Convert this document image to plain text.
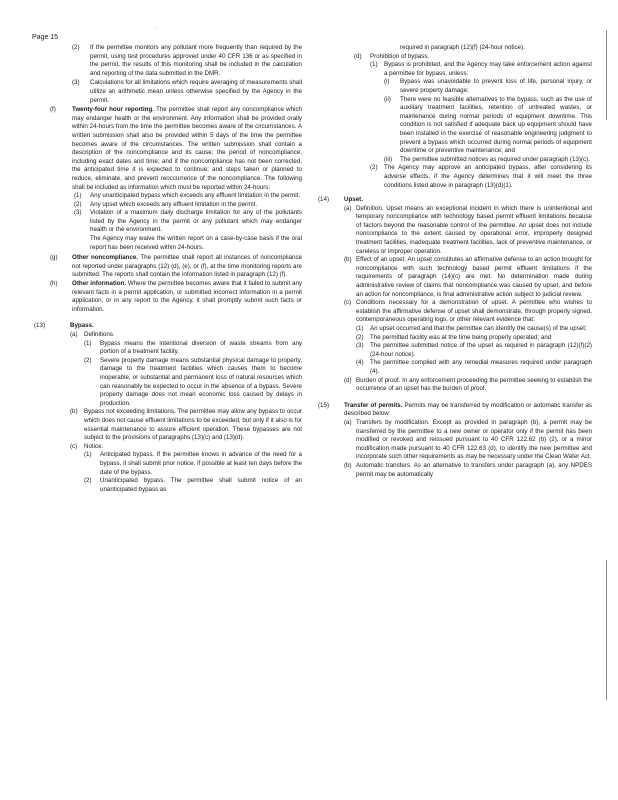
Page 15
-
(2) If the permittee monitors any pollutant more frequently than required by the permit, using test procedures approved under 40 CFR 136 or as specified in the permit, the results of this monitoring shall be included in the calculation and reporting of the data submitted in the DMR.
(3) Calculations for all limitations which require averaging of measurements shall utilize an arithmetic mean unless otherwise specified by the Agency in the permit.
(f)	Twenty-four hour reporting. The permittee shall report any noncompliance which may endanger health or the environment. Any information shall be provided orally within 24-hours from the time the permittee becomes aware of the circumstances. A written submission shall also be provided within 5 days of the time the permittee becomes aware of the circumstances. The written submission shall contain a description of the noncompliance and its cause; the period of noncompliance, including exact dates and time; and if the noncompliance has not been corrected, the anticipated time it is expected to continue; and steps taken or planned to reduce, eliminate, and prevent reoccurrence of the noncompliance. The following shall be included as information which must be reported within 24-hours:
(1) Any unanticipated bypass which exceeds any effluent limitation in the permit.
(2) Any upset which exceeds any effluent limitation in the permit.
(3) Violation of a maximum daily discharge limitation for any of the pollutants listed by the Agency in the permit or any pollutant which may endanger health or the environment.
The Agency may waive the written report on a case-by-case basis if the oral report has been received within 24-hours.
(g) Other noncompliance. The permittee shall report all instances of noncompliance not reported under paragraphs (12) (d), (e), or (f), at the time monitoring reports are submitted. The reports shall contain the information listed in paragraph (12) (f).
(h) Other information. Where the permittee becomes aware that it failed to submit any relevant facts in a permit application, or submitted incorrect information in a permit application, or in any report to the Agency, it shall promptly submit such facts or information.
(13)	Bypass.
(a) Definitions.
(1) Bypass means the intentional diversion of waste streams from any portion of a treatment facility.
(2) Severe property damage means substantial physical damage to property, damage to the treatment facilities which causes them to become inoperable, or substantial and permanent loss of natural resources which can reasonably be expected to occur in the absence of a bypass. Severe property damage does not mean economic loss caused by delays in production.
(b) Bypass not exceeding limitations. The permittee may allow any bypass to occur which does not cause effluent limitations to be exceeded, but only if it also is for essential maintenance to assure efficient operation. These bypasses are not subject to the provisions of paragraphs (13)(c) and (13)(d).
(c) Notice.
(1) Anticipated bypass. If the permittee knows in advance of the need for a bypass, it shall submit prior notice, if possible at least ten days before the date of the bypass.
(2) Unanticipated bypass. The permittee shall submit notice of an unanticipated bypass as
required in paragraph (12)(f) (24-hour notice).
(d) Prohibition of bypass.
(1) Bypass is prohibited, and the Agency may take enforcement action against a permittee for bypass, unless:
(i) Bypass was unavoidable to prevent loss of life, personal injury, or severe property damage;
(ii) There were no feasible alternatives to the bypass, such as the use of auxiliary treatment facilities, retention of untreated wastes, or maintenance during normal periods of equipment downtime. This condition is not satisfied if adequate back up equipment should have been installed in the exercise of reasonable engineering judgment to prevent a bypass which occurred during normal periods of equipment downtime or preventive maintenance; and
(iii) The permittee submitted notices as required under paragraph (13)(c).
(2) The Agency may approve an anticipated bypass, after considering its adverse effects, if the Agency determines that it will meet the three conditions listed above in paragraph (13)(d)(1).
(14) Upset.
(a) Definition. Upset means an exceptional incident in which there is unintentional and temporary noncompliance with technology based permit effluent limitations because of factors beyond the reasonable control of the permittee. An upset does not include noncompliance to the extent caused by operational error, improperly designed treatment facilities, inadequate treatment facilities, lack of preventive maintenance, or careless or improper operation.
(b) Effect of an upset. An upset constitutes an affirmative defense to an action brought for noncompliance with such technology based permit effluent limitations if the requirements of paragraph (14)(c) are met. No determination made during administrative review of claims that noncompliance was caused by upset, and before an action for noncompliance, is final administrative action subject to judicial review.
(c) Conditions necessary for a demonstration of upset. A permittee who wishes to establish the affirmative defense of upset shall demonstrate, through properly signed, contemporaneous operating logs, or other relevant evidence that:
(1) An upset occurred and that the permittee can identify the cause(s) of the upset;
(2) The permitted facility was at the time being properly operated; and
(3) The permittee submitted notice of the upset as required in paragraph (12)(f)(2) (24-hour notice).
(4) The permittee complied with any remedial measures required under paragraph (4).
(d) Burden of proof. In any enforcement proceeding the permittee seeking to establish the occurrence of an upset has the burden of proof.
(15) Transfer of permits. Permits may be transferred by modification or automatic transfer as described below:
(a) Transfers by modification. Except as provided in paragraph (b), a permit may be transferred by the permittee to a new owner or operator only if the permit has been modified or revoked and reissued pursuant to 40 CFR 122.62 (b) (2), or a minor modification made pursuant to 40 CFR 122.63 (d), to identify the new permittee and incorporate such other requirements as may be necessary under the Clean Water Act.
(b) Automatic transfers. As an alternative to transfers under paragraph (a), any NPDES permit may be automatically
